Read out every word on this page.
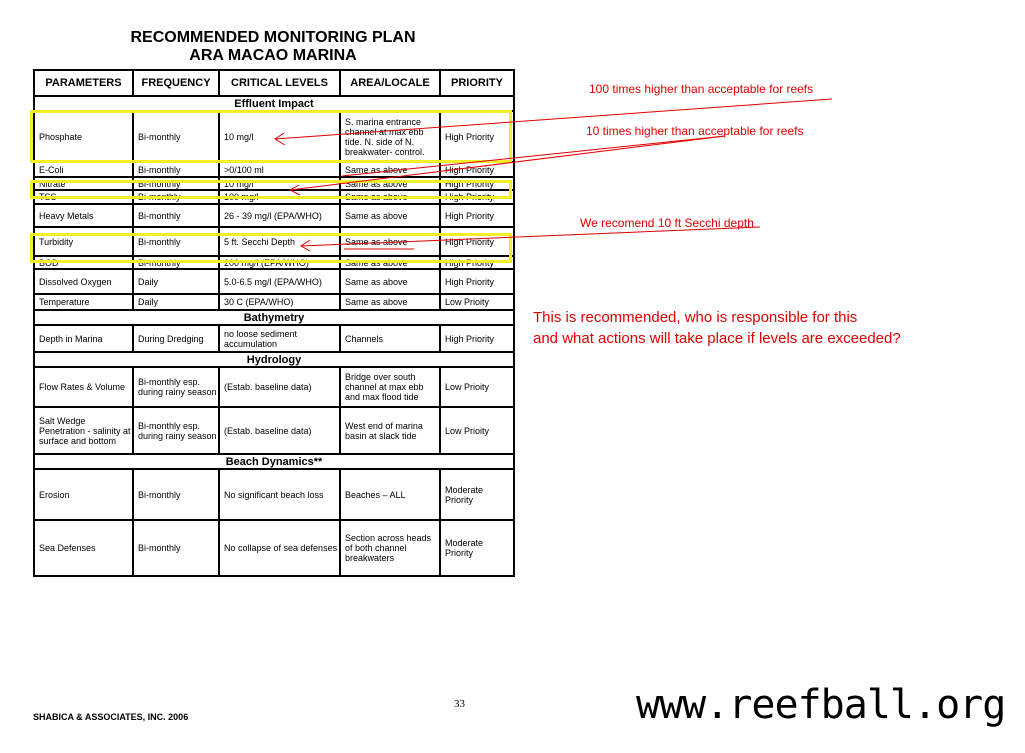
RECOMMENDED MONITORING PLAN
ARA MACAO MARINA
PARAMETERS	FREQUENCY	CRITICAL LEVELS	AREA/LOCALE	PRIORITY
Effluent Impact				
Phosphate	Bi-monthly	10 mg/l	S. marina entrance channel at max ebb tide. N. side of N. breakwater- control.	High Priority
E-Coli	Bi-monthly	>0/100 ml	Same as above	High Priority
Nitrate	Bi-monthly	10 mg/l	Same as above	High Priority
TSS	Bi-monthly	100 mg/l	Same as above	High Priority
Heavy Metals	Bi-monthly	26 - 39 mg/l (EPA/WHO)	Same as above	High Priority
Turbidity	Bi-monthly	5 ft. Secchi Depth	Same as above	High Priority
BOD	Bi-monthly	200 mg/l (EPA/WHO)	Same as above	High Priority
Dissolved Oxygen	Daily	5.0-6.5 mg/l (EPA/WHO)	Same as above	High Priority
Temperature	Daily	30 C (EPA/WHO)	Same as above	Low Prioity
Bathymetry				
Depth in Marina	During Dredging	no loose sediment accumulation	Channels	High Priority
Hydrology				
Flow Rates & Volume	Bi-monthly esp. during rainy season	(Estab. baseline data)	Bridge over south channel at max ebb and max flood tide	Low Prioity
Salt Wedge Penetration - salinity at surface and bottom	Bi-monthly esp. during rainy season	(Estab. baseline data)	West end of marina basin at slack tide	Low Prioity
Beach Dynamics**				
Erosion	Bi-monthly	No significant beach loss	Beaches – ALL	Moderate Priority
Sea Defenses	Bi-monthly	No collapse of sea defenses	Section across heads of both channel breakwaters	Moderate Priority
100 times higher than acceptable for reefs
10 times higher than acceptable for reefs
We recomend 10 ft Secchi depth
This is recommended, who is responsible for this
and what actions will take place if levels are exceeded?
33
SHABICA & ASSOCIATES, INC. 2006	www.reefball.org
